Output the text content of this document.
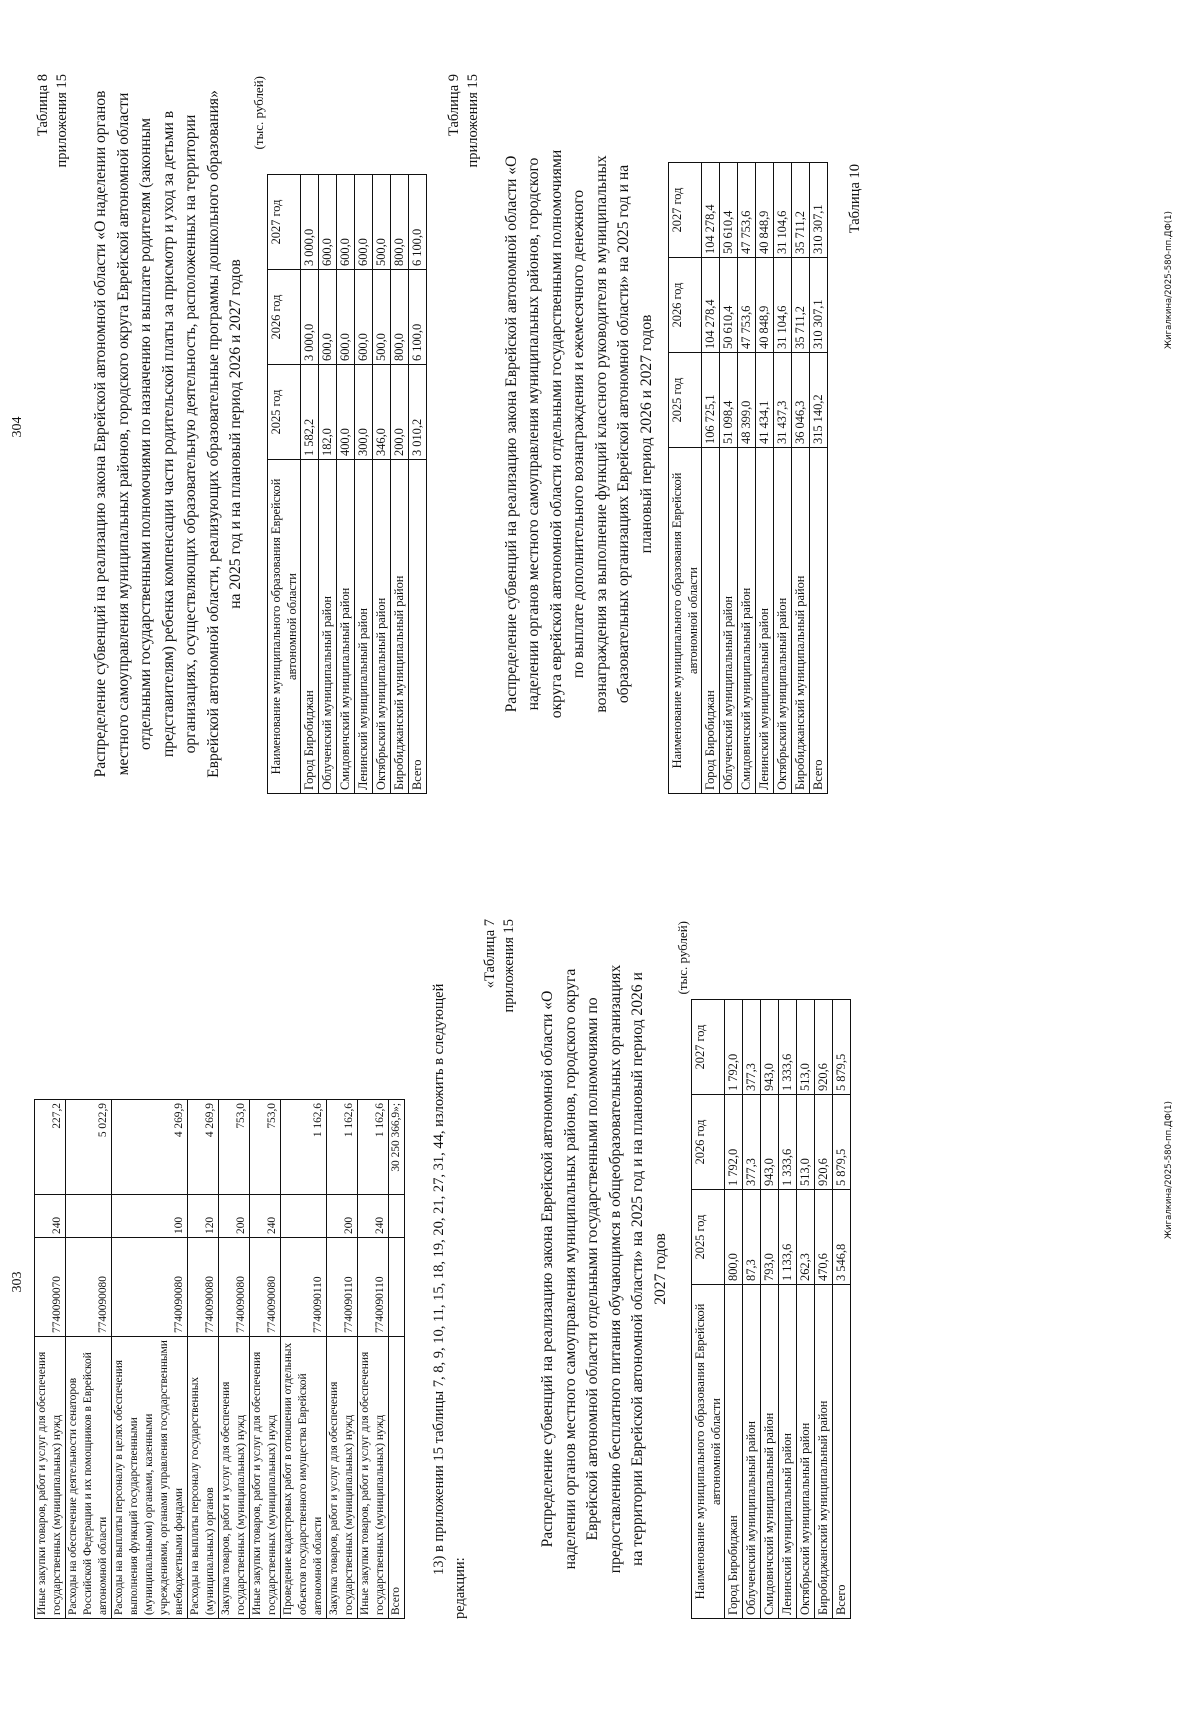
303
Иные закупки товаров, работ и услуг для обеспечения государственных (муниципальных) нужд	7740090070	240	227,2
Расходы на обеспечение деятельности сенаторов Российской Федерации и их помощников в Еврейской автономной области	7740090080		5 022,9
Расходы на выплаты персоналу в целях обеспечения выполнения функций государственными (муниципальными) органами, казенными учреждениями, органами управления государственными внебюджетными фондами	7740090080	100	4 269,9
Расходы на выплаты персоналу государственных (муниципальных) органов	7740090080	120	4 269,9
Закупка товаров, работ и услуг для обеспечения государственных (муниципальных) нужд	7740090080	200	753,0
Иные закупки товаров, работ и услуг для обеспечения государственных (муниципальных) нужд	7740090080	240	753,0
Проведение кадастровых работ в отношении отдельных объектов государственного имущества Еврейской автономной области	7740090110		1 162,6
Закупка товаров, работ и услуг для обеспечения государственных (муниципальных) нужд	7740090110	200	1 162,6
Иные закупки товаров, работ и услуг для обеспечения государственных (муниципальных) нужд	7740090110	240	1 162,6
Всего			30 250 366,9»; 13) в приложении 15 таблицы 7, 8, 9, 10, 11, 15, 18, 19, 20, 21, 27, 31, 44, изложить в следующей редакции:

«Таблица 7 приложения 15

Распределение субвенций на реализацию закона Еврейской автономной области «О наделении органов местного самоуправления муниципальных районов, городского округа Еврейской автономной области отдельными государственными полномочиями по предоставлению бесплатного питания обучающимся в общеобразовательных организациях на территории Еврейской автономной области» на 2025 год и на плановый период 2026 и 2027 годов

(тыс. рублей)

Наименование муниципального образования Еврейской автономной области	2025 год	2026 год	2027 год
Город Биробиджан	800,0	1 792,0	1 792,0
Облученский муниципальный район	87,3	377,3	377,3
Смидовичский муниципальный район	793,0	943,0	943,0
Ленинский муниципальный район	1 133,6	1 333,6	1 333,6
Октябрьский муниципальный район	262,3	513,0	513,0
Биробиджанский муниципальный район	470,6	920,6	920,6
Всего	3 546,8	5 879,5	5 879,5
Жигалкина/2025-580-пп.ДФ(1)
304

Таблица 8 приложения 15 Распределение субвенций на реализацию закона Еврейской автономной области «О наделении органов местного самоуправления муниципальных районов, городского округа Еврейской автономной области отдельными государственными полномочиями по назначению и выплате родителям (законным представителям) ребенка компенсации части родительской платы за присмотр и уход за детьми в организациях, осуществляющих образовательную деятельность, расположенных на территории Еврейской автономной области, реализующих образовательные программы дошкольного образования» на 2025 год и на плановый период 2026 и 2027 годов

(тыс. рублей)

Наименование муниципального образования Еврейской автономной области	2025 год	2026 год	2027 год
Город Биробиджан	1 582,2	3 000,0	3 000,0
Облученский муниципальный район	182,0	600,0	600,0
Смидовичский муниципальный район	400,0	600,0	600,0
Ленинский муниципальный район	300,0	600,0	600,0
Октябрьский муниципальный район	346,0	500,0	500,0
Биробиджанский муниципальный район	200,0	800,0	800,0
Всего	3 010,2	6 100,0	6 100,0

Таблица 9 приложения 15

Распределение субвенций на реализацию закона Еврейской автономной области «О наделении органов местного самоуправления муниципальных районов, городского округа еврейской автономной области отдельными государственными полномочиями по выплате дополнительного вознаграждения и ежемесячного денежного вознаграждения за выполнение функций классного руководителя в муниципальных образовательных организациях Еврейской автономной области» на 2025 год и на плановый период 2026 и 2027 годов

Наименование муниципального образования Еврейской автономной области	2025 год	2026 год	2027 год
Город Биробиджан	106 725,1	104 278,4	104 278,4
Облученский муниципальный район	51 098,4	50 610,4	50 610,4
Смидовичский муниципальный район	48 399,0	47 753,6	47 753,6
Ленинский муниципальный район	41 434,1	40 848,9	40 848,9
Октябрьский муниципальный район	31 437,3	31 104,6	31 104,6
Биробиджанский муниципальный район	36 046,3	35 711,2	35 711,2
Всего	315 140,2	310 307,1	310 307,1 Таблица 10

Жигалкина/2025-580-пп.ДФ(1)
